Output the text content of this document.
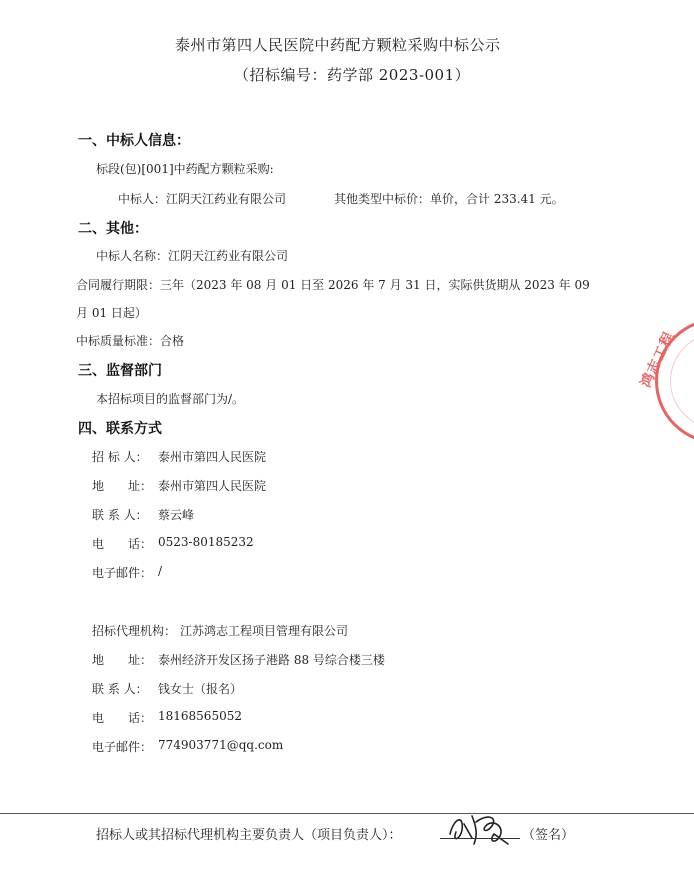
泰州市第四人民医院中药配方颗粒采购中标公示
（招标编号：药学部 2023-001）
一、中标人信息：
标段(包)[001]中药配方颗粒采购:
中标人：江阴天江药业有限公司	其他类型中标价：单价，合计 233.41 元。
二、其他：
中标人名称：江阴天江药业有限公司
合同履行期限：三年（2023 年 08 月 01 日至 2026 年 7 月 31 日，实际供货期从 2023 年 09
月 01 日起）
中标质量标准：合格
三、监督部门
本招标项目的监督部门为/。
四、联系方式
招 标 人： 泰州市第四人民医院
地　　址： 泰州市第四人民医院
联 系 人： 蔡云峰
电　　话： 0523-80185232
电子邮件： /
招标代理机构： 江苏鸿志工程项目管理有限公司
地　　址： 泰州经济开发区扬子港路 88 号综合楼三楼
联 系 人： 钱女士（报名）
电　　话： 18168565052
电子邮件： 774903771@qq.com
鸿志工程
招标人或其招标代理机构主要负责人（项目负责人）：	（签名）
